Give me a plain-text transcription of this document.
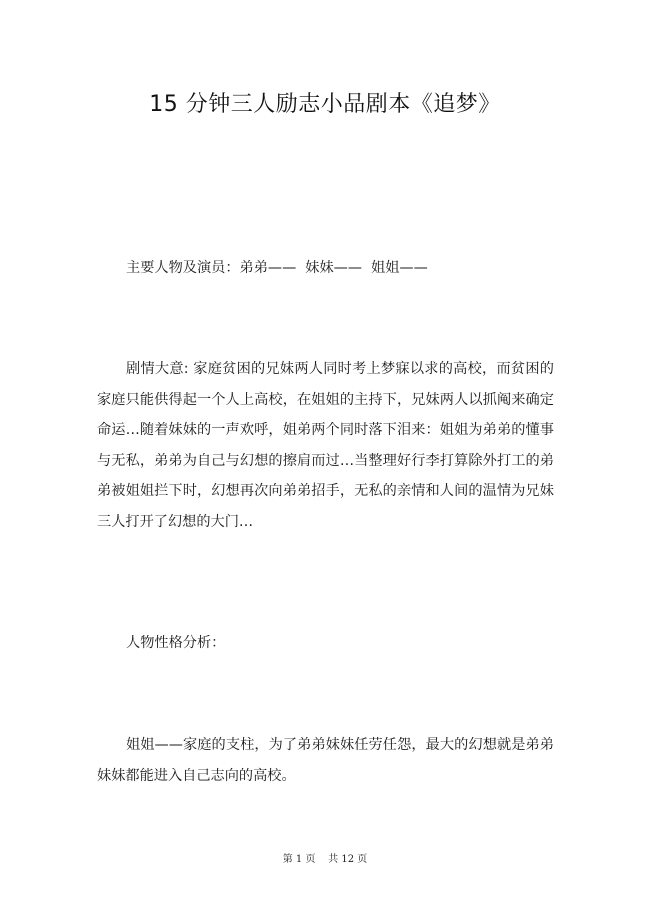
15 分钟三人励志小品剧本《追梦》
主要人物及演员：弟弟——  妹妹——  姐姐——
剧情大意: 家庭贫困的兄妹两人同时考上梦寐以求的高校，而贫困的家庭只能供得起一个人上高校，在姐姐的主持下，兄妹两人以抓阄来确定命运…随着妹妹的一声欢呼，姐弟两个同时落下泪来：姐姐为弟弟的懂事与无私，弟弟为自己与幻想的擦肩而过…当整理好行李打算除外打工的弟弟被姐姐拦下时，幻想再次向弟弟招手，无私的亲情和人间的温情为兄妹三人打开了幻想的大门…
人物性格分析：
姐姐——家庭的支柱，为了弟弟妹妹任劳任怨，最大的幻想就是弟弟妹妹都能进入自己志向的高校。
第 1 页    共 12 页
